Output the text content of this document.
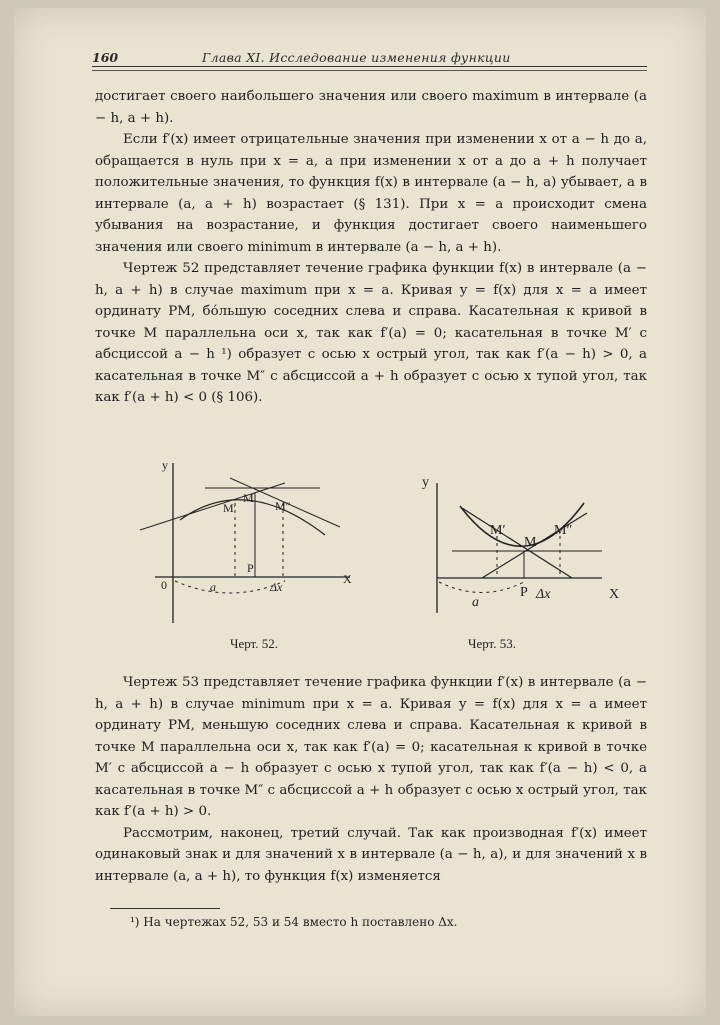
160	Глава XI. Исследование изменения функции

достигает своего наибольшего значения или своего maximum в интервале (a − h, a + h).

Если f′(x) имеет отрицательные значения при изменении x от a − h до a, обращается в нуль при x = a, а при изменении x от a до a + h получает положительные значения, то функция f(x) в интервале (a − h, a) убывает, а в интервале (a, a + h) возрастает (§ 131). При x = a происходит смена убывания на возрастание, и функция достигает своего наименьшего значения или своего minimum в интервале (a − h, a + h).

Чертеж 52 представляет течение графика функции f(x) в интервале (a − h, a + h) в случае maximum при x = a. Кривая y = f(x) для x = a имеет ординату PM, бо́льшую соседних слева и справа. Касательная к кривой в точке M параллельна оси x, так как f′(a) = 0; касательная в точке M′ с абсциссой a − h ¹) образует с осью x острый угол, так как f′(a − h) > 0, а касательная в точке M″ с абсциссой a + h образует с осью x тупой угол, так как f′(a + h) < 0 (§ 106).

y
X
0
M
M′	M″
P
a	Δx
Черт. 52.
y
X
M
M′	M″
P
a
Δx
Черт. 53.

Чертеж 53 представляет течение графика функции f′(x) в интервале (a − h, a + h) в случае minimum при x = a. Кривая y = f(x) для x = a имеет ординату PM, меньшую соседних слева и справа. Касательная к кривой в точке M параллельна оси x, так как f′(a) = 0; касательная к кривой в точке M′ с абсциссой a − h образует с осью x тупой угол, так как f′(a − h) < 0, а касательная в точке M″ с абсциссой a + h образует с осью x острый угол, так как f′(a + h) > 0.

Рассмотрим, наконец, третий случай. Так как производная f′(x) имеет одинаковый знак и для значений x в интервале (a − h, a), и для значений x в интервале (a, a + h), то функция f(x) изменяется

¹) На чертежах 52, 53 и 54 вместо h поставлено Δx.
